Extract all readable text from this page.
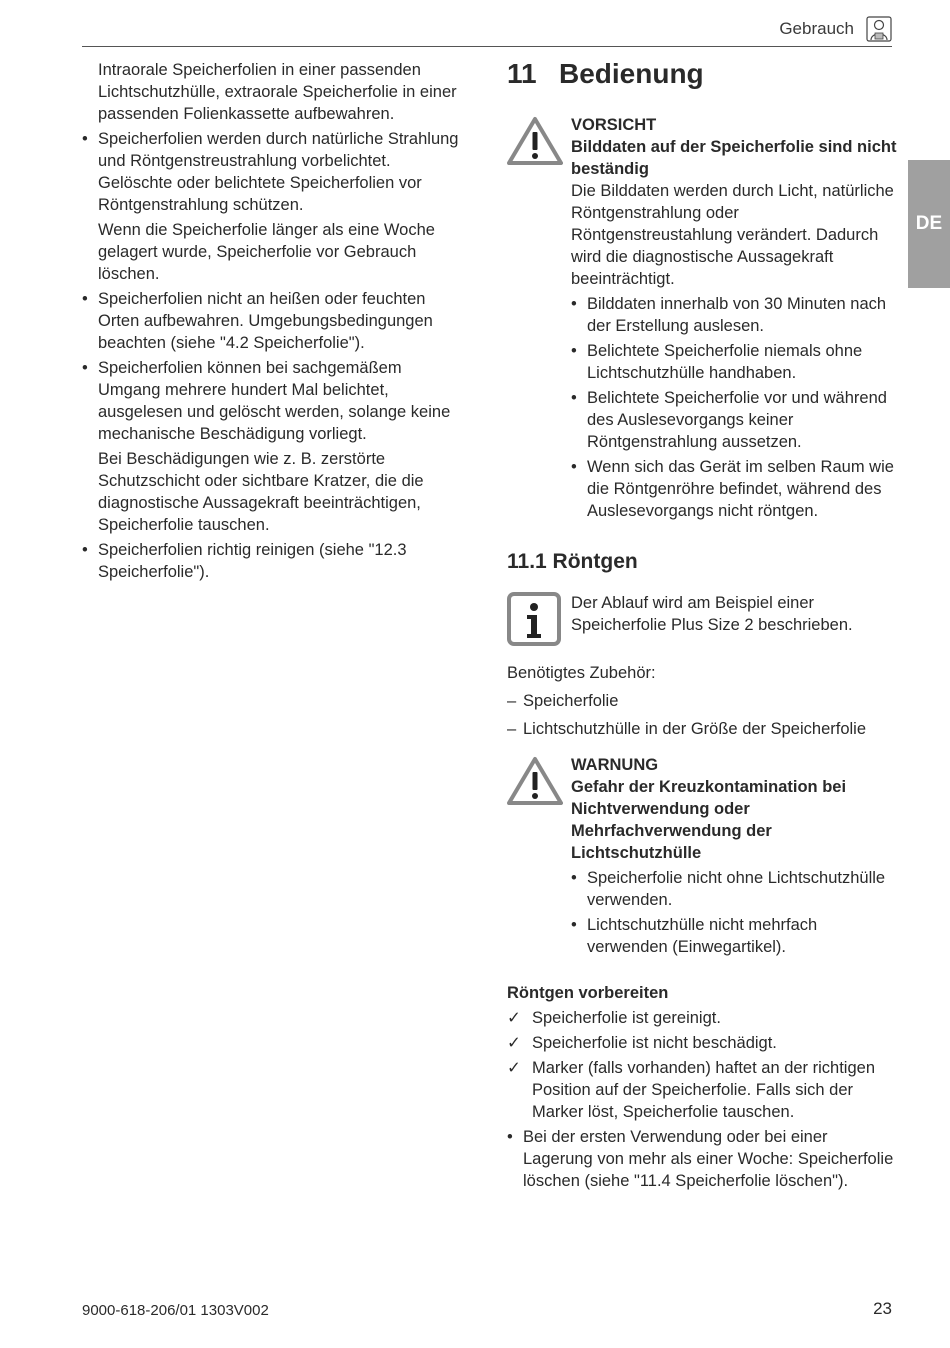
Gebrauch
DE

Intraorale Speicherfolien in einer passenden Lichtschutzhülle, extraorale Speicherfolie in einer passenden Folienkassette aufbewahren.

• Speicherfolien werden durch natürliche Strahlung und Röntgenstreustrahlung vorbelichtet. Gelöschte oder belichtete Speicherfolien vor Röntgenstrahlung schützen.

Wenn die Speicherfolie länger als eine Woche gelagert wurde, Speicherfolie vor Gebrauch löschen.

• Speicherfolien nicht an heißen oder feuchten Orten aufbewahren. Umgebungsbedingungen beachten (siehe "4.2 Speicherfolie").
• Speicherfolien können bei sachgemäßem Umgang mehrere hundert Mal belichtet, ausgelesen und gelöscht werden, solange keine mechanische Beschädigung vorliegt.

Bei Beschädigungen wie z. B. zerstörte Schutzschicht oder sichtbare Kratzer, die die diagnostische Aussagekraft beeinträchtigen, Speicherfolie tauschen.

• Speicherfolien richtig reinigen (siehe "12.3 Speicherfolie").
11 Bedienung
VORSICHT
Bilddaten auf der Speicherfolie sind nicht beständig

Die Bilddaten werden durch Licht, natürliche Röntgenstrahlung oder Röntgenstreustahlung verändert. Dadurch wird die diagnostische Aussagekraft beeinträchtigt.

• Bilddaten innerhalb von 30 Minuten nach der Erstellung auslesen.
• Belichtete Speicherfolie niemals ohne Lichtschutzhülle handhaben.
• Belichtete Speicherfolie vor und während des Auslesevorgangs keiner Röntgenstrahlung aussetzen.
• Wenn sich das Gerät im selben Raum wie die Röntgenröhre befindet, während des Auslesevorgangs nicht röntgen.
11.1 Röntgen

Der Ablauf wird am Beispiel einer Speicherfolie Plus Size 2 beschrieben.

Benötigtes Zubehör:

– Speicherfolie
– Lichtschutzhülle in der Größe der Speicherfolie
WARNUNG
Gefahr der Kreuzkontamination bei Nichtverwendung oder Mehrfachverwendung der Lichtschutzhülle
• Speicherfolie nicht ohne Lichtschutzhülle verwenden.
• Lichtschutzhülle nicht mehrfach verwenden (Einwegartikel).

Röntgen vorbereiten

✓ Speicherfolie ist gereinigt.
✓ Speicherfolie ist nicht beschädigt.
✓ Marker (falls vorhanden) haftet an der richtigen Position auf der Speicherfolie. Falls sich der Marker löst, Speicherfolie tauschen.
• Bei der ersten Verwendung oder bei einer Lagerung von mehr als einer Woche: Speicherfolie löschen (siehe "11.4 Speicherfolie löschen").
9000-618-206/01 1303V002	23
